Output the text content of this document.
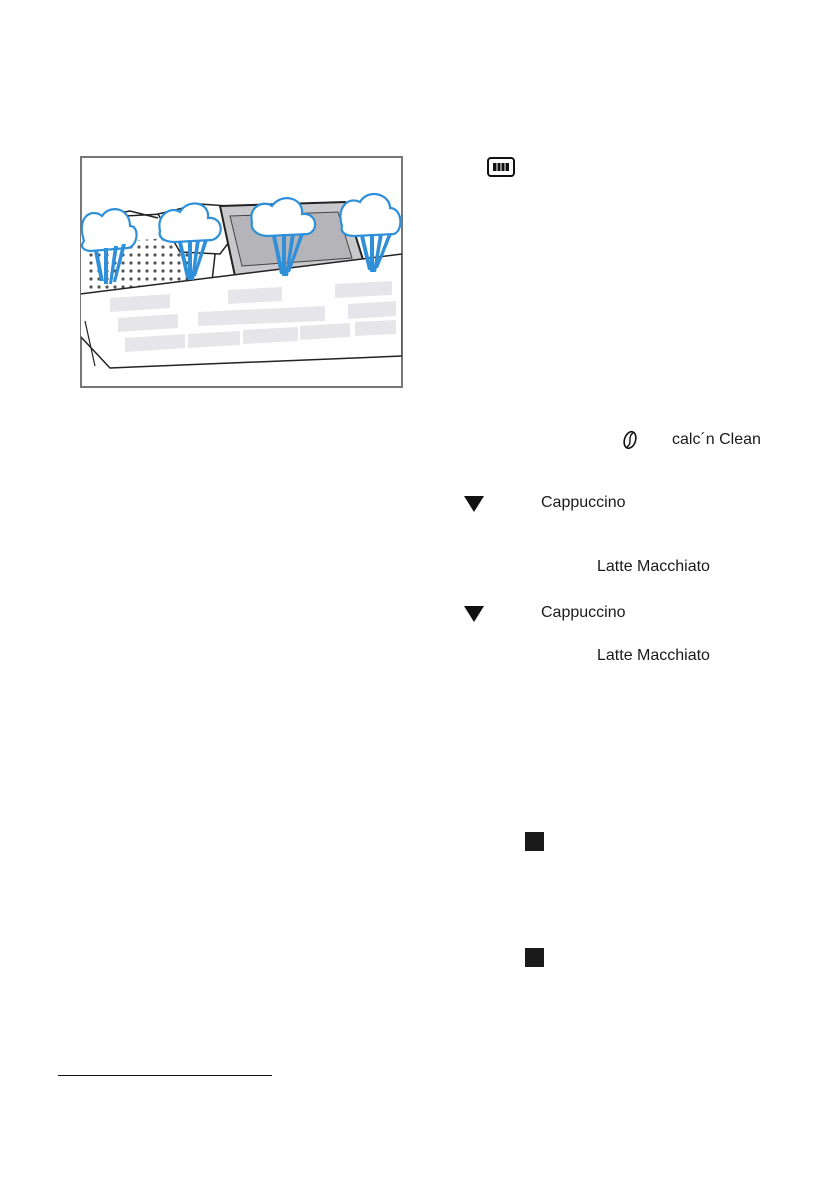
calc´n Clean
Cappuccino
Latte Macchiato
Cappuccino
Latte Macchiato
